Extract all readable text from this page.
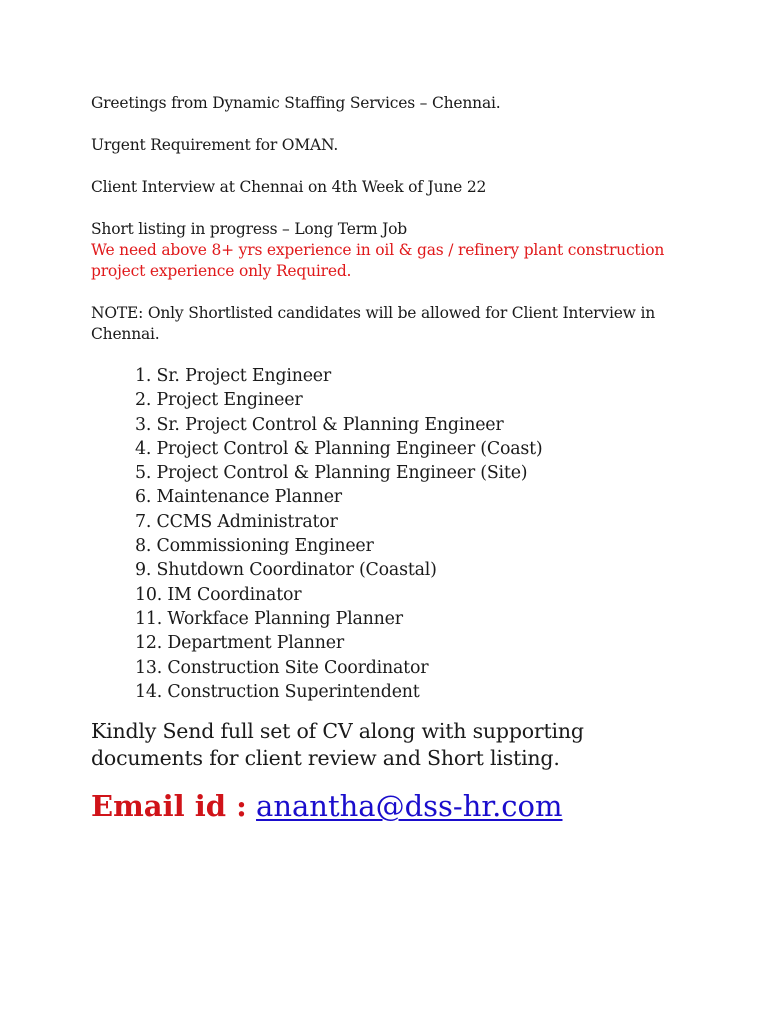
Greetings from Dynamic Staffing Services – Chennai.

Urgent Requirement for OMAN.

Client Interview at Chennai on 4th Week of June 22

Short listing in progress – Long Term Job

We need above 8+ yrs experience in oil & gas / refinery plant construction project experience only Required.

NOTE: Only Shortlisted candidates will be allowed for Client Interview in Chennai.

1. Sr. Project Engineer
2. Project Engineer
3. Sr. Project Control & Planning Engineer
4. Project Control & Planning Engineer (Coast)
5. Project Control & Planning Engineer (Site)
6. Maintenance Planner
7. CCMS Administrator
8. Commissioning Engineer
9. Shutdown Coordinator (Coastal)
10. IM Coordinator
11. Workface Planning Planner
12. Department Planner
13. Construction Site Coordinator
14. Construction Superintendent

Kindly Send full set of CV along with supporting documents for client review and Short listing.

Email id : anantha@dss-hr.com
